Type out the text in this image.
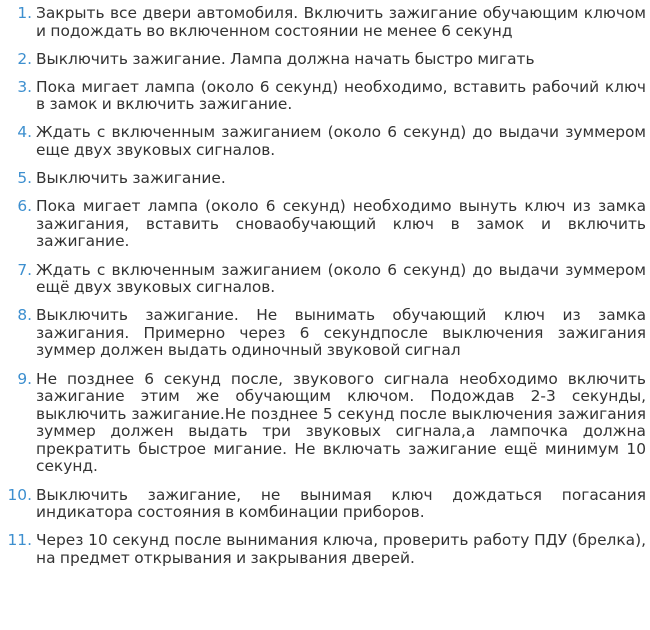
1. Закрыть все двери автомобиля. Включить зажигание обучающим ключом и подождать во включенном состоянии не менее 6 секунд
2. Выключить зажигание. Лампа должна начать быстро мигать
3. Пока мигает лампа (около 6 секунд) необходимо, вставить рабочий ключ в замок и включить зажигание.
4. Ждать с включенным зажиганием (около 6 секунд) до выдачи зуммером еще двух звуковых сигналов.
5. Выключить зажигание.
6. Пока мигает лампа (около 6 секунд) необходимо вынуть ключ из замка зажигания, вставить сноваобучающий ключ в замок и включить зажигание.
7. Ждать с включенным зажиганием (около 6 секунд) до выдачи зуммером ещё двух звуковых сигналов.
8. Выключить зажигание. Не вынимать обучающий ключ из замка зажигания. Примерно через 6 секундпосле выключения зажигания зуммер должен выдать одиночный звуковой сигнал
9. Не позднее 6 секунд после, звукового сигнала необходимо включить зажигание этим же обучающим ключом. Подождав 2-3 секунды, выключить зажигание.Не позднее 5 секунд после выключения зажигания зуммер должен выдать три звуковых сигнала,а лампочка должна прекратить быстрое мигание. Не включать зажигание ещё минимум 10 секунд.
10. Выключить зажигание, не вынимая ключ дождаться погасания индикатора состояния в комбинации приборов.
11. Через 10 секунд после вынимания ключа, проверить работу ПДУ (брелка), на предмет открывания и закрывания дверей.
